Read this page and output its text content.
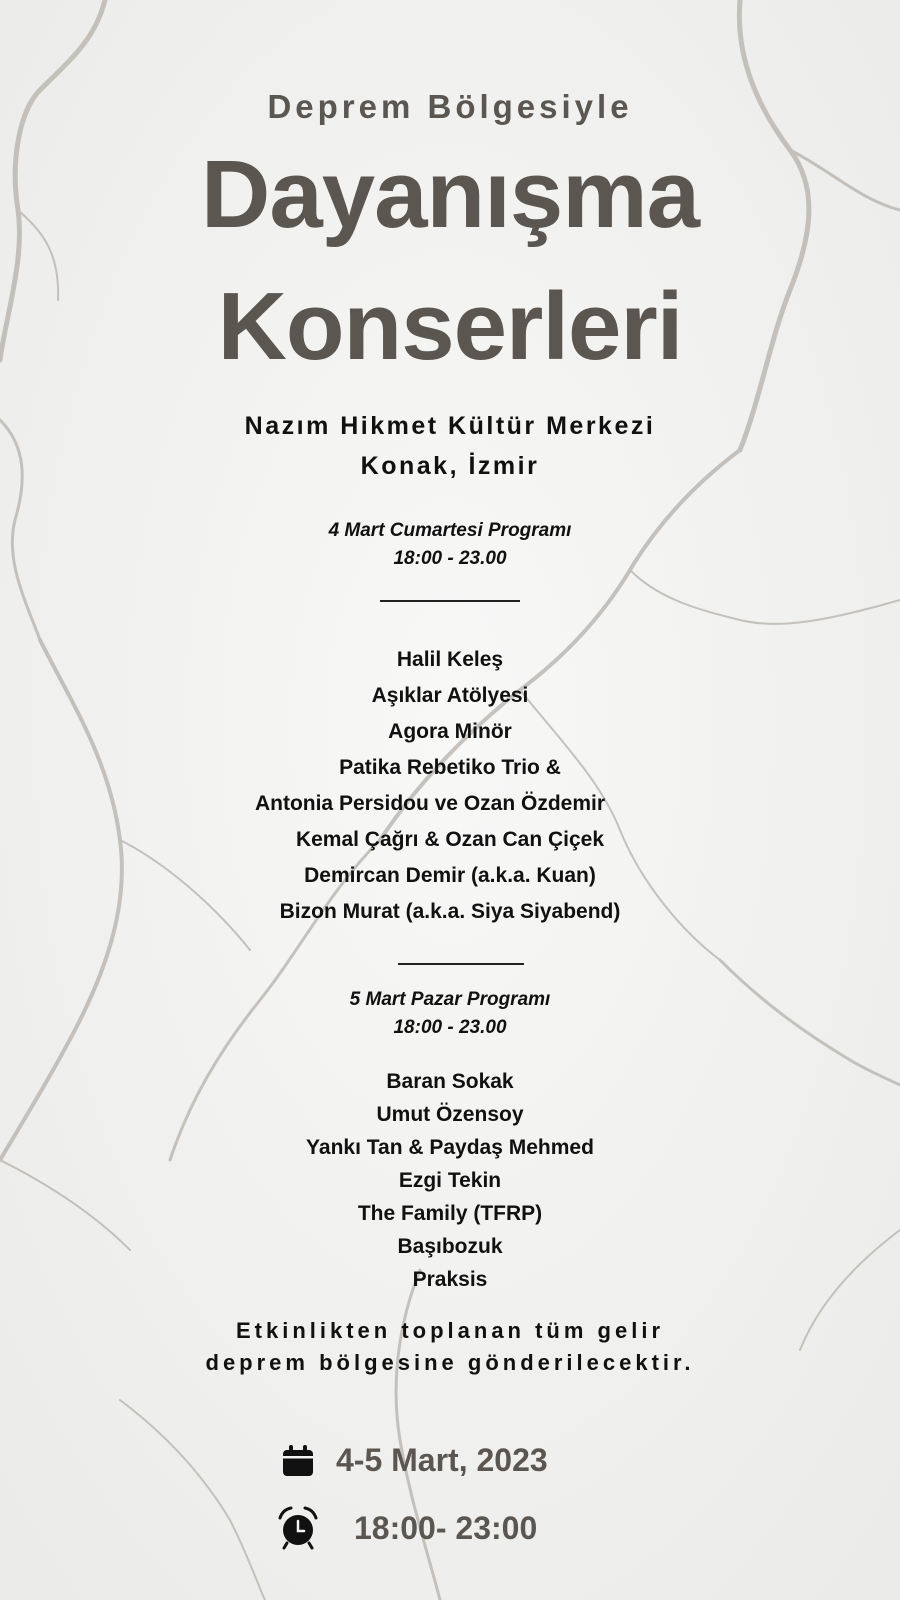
Deprem Bölgesiyle
Dayanışma
Konserleri
Nazım Hikmet Kültür Merkezi
Konak, İzmir
4 Mart Cumartesi Programı
18:00 - 23.00
Halil Keleş
Aşıklar Atölyesi
Agora Minör
Patika Rebetiko Trio &
Antonia Persidou ve Ozan Özdemir
Kemal Çağrı & Ozan Can Çiçek
Demircan Demir (a.k.a. Kuan)
Bizon Murat (a.k.a. Siya Siyabend)
5 Mart Pazar Programı
18:00 - 23.00
Baran Sokak
Umut Özensoy
Yankı Tan & Paydaş Mehmed
Ezgi Tekin
The Family (TFRP)
Başıbozuk
Praksis
Etkinlikten toplanan tüm gelir
deprem bölgesine gönderilecektir.
4-5 Mart, 2023
18:00- 23:00
